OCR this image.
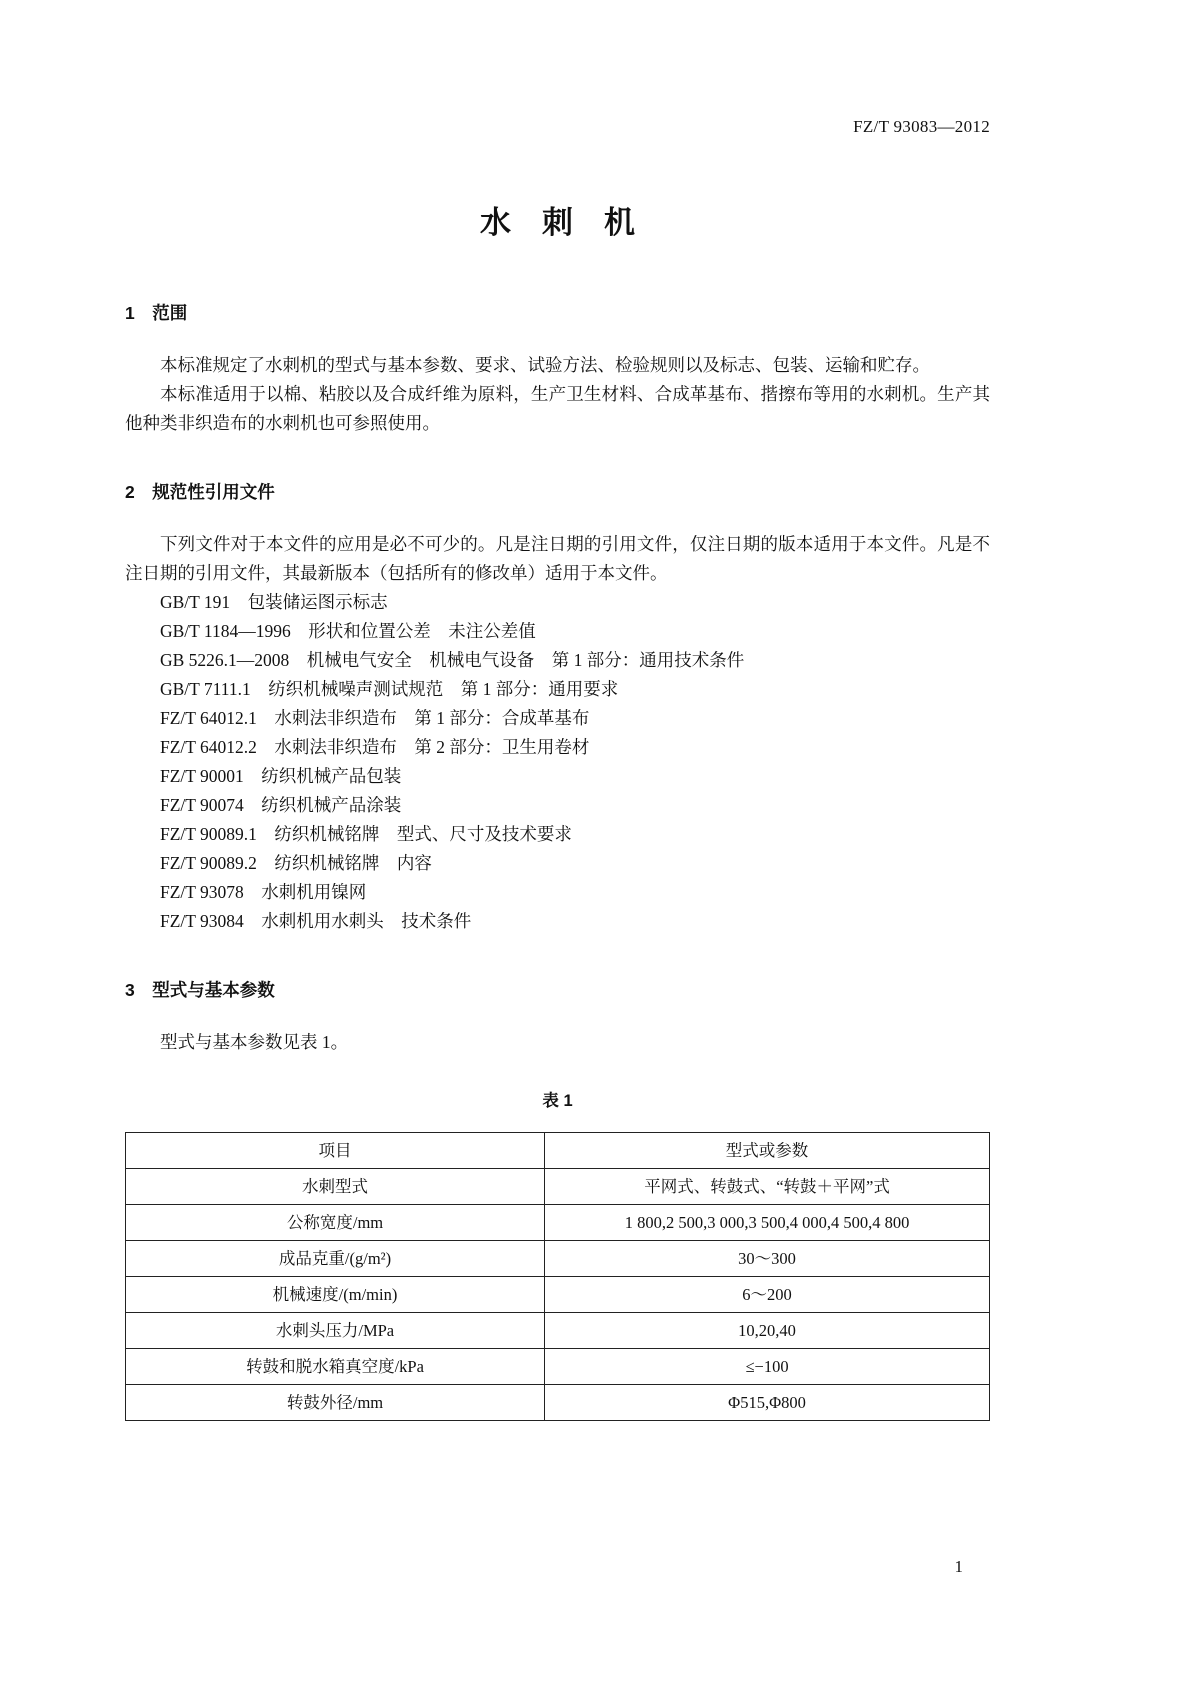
FZ/T 93083—2012
水　刺　机
1　范围

本标准规定了水刺机的型式与基本参数、要求、试验方法、检验规则以及标志、包装、运输和贮存。

本标准适用于以棉、粘胶以及合成纤维为原料，生产卫生材料、合成革基布、揩擦布等用的水刺机。生产其他种类非织造布的水刺机也可参照使用。

2　规范性引用文件

下列文件对于本文件的应用是必不可少的。凡是注日期的引用文件，仅注日期的版本适用于本文件。凡是不注日期的引用文件，其最新版本（包括所有的修改单）适用于本文件。

GB/T 191　包装储运图示标志
GB/T 1184—1996　形状和位置公差　未注公差值
GB 5226.1—2008　机械电气安全　机械电气设备　第 1 部分：通用技术条件
GB/T 7111.1　纺织机械噪声测试规范　第 1 部分：通用要求
FZ/T 64012.1　水刺法非织造布　第 1 部分：合成革基布
FZ/T 64012.2　水刺法非织造布　第 2 部分：卫生用卷材
FZ/T 90001　纺织机械产品包装
FZ/T 90074　纺织机械产品涂装
FZ/T 90089.1　纺织机械铭牌　型式、尺寸及技术要求
FZ/T 90089.2　纺织机械铭牌　内容
FZ/T 93078　水刺机用镍网
FZ/T 93084　水刺机用水刺头　技术条件
3　型式与基本参数

型式与基本参数见表 1。

表 1
项目	型式或参数
水刺型式	平网式、转鼓式、“转鼓＋平网”式
公称宽度/mm	1 800,2 500,3 000,3 500,4 000,4 500,4 800
成品克重/(g/m²)	30～300
机械速度/(m/min)	6～200
水刺头压力/MPa	10,20,40
转鼓和脱水箱真空度/kPa	≤−100
转鼓外径/mm	Φ515,Φ800
1
